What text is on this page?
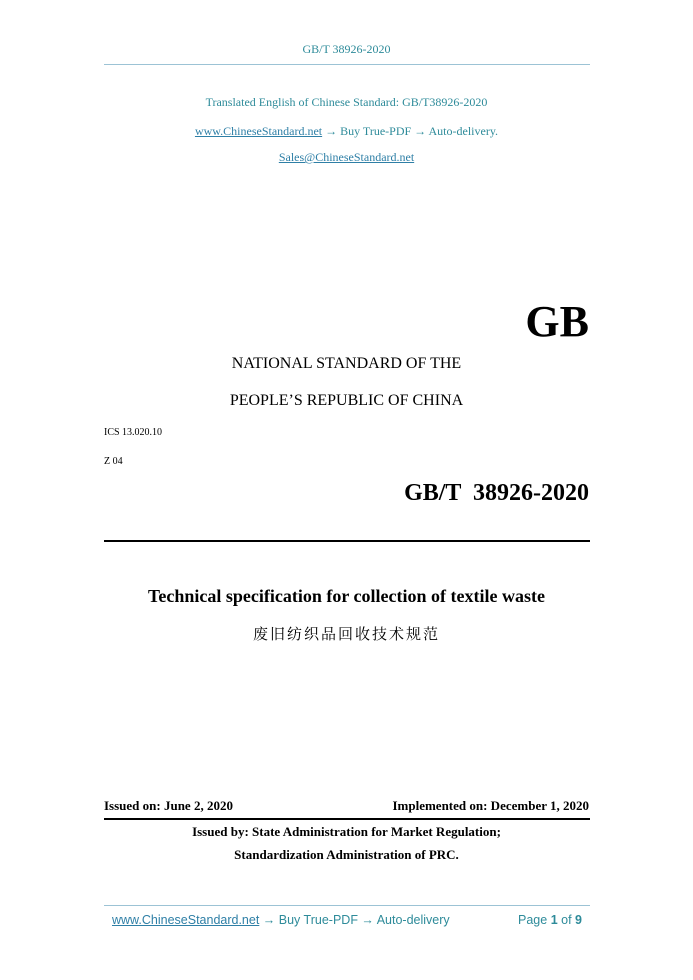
GB/T 38926-2020
Translated English of Chinese Standard: GB/T38926-2020
www.ChineseStandard.net → Buy True-PDF → Auto-delivery.
Sales@ChineseStandard.net
GB
NATIONAL STANDARD OF THE
PEOPLE’S REPUBLIC OF CHINA
ICS 13.020.10
Z 04
GB/T 38926-2020
Technical specification for collection of textile waste
废旧纺织品回收技术规范
Issued on: June 2, 2020	Implemented on: December 1, 2020
Issued by: State Administration for Market Regulation;
Standardization Administration of PRC.
www.ChineseStandard.net → Buy True-PDF → Auto-delivery	Page 1 of 9
